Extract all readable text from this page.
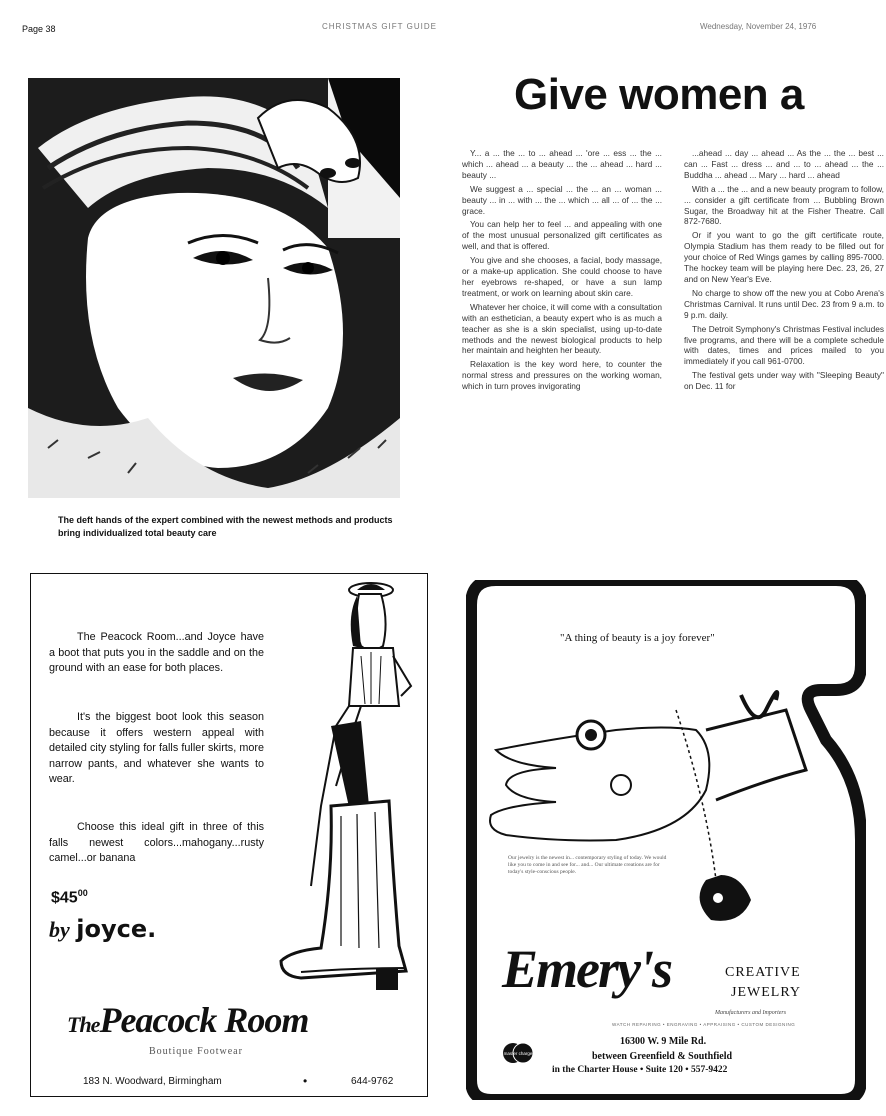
Page 38	CHRISTMAS GIFT GUIDE	Wednesday, November 24, 1976
The deft hands of the expert combined with the newest methods and products bring individualized total beauty care
Give women a

Y... a ... the ... to ... ahead ... 'ore ... ess ... the ... which ... ahead ... a beauty ... the ... ahead ... hard ... beauty ...

We suggest a ... special ... the ... an ... woman ... beauty ... in ... with ... the ... which ... all ... of ... the ... grace.

You can help her to feel ... and appealing with one of the most unusual personalized gift certificates as well, and that is offered.

You give and she chooses, a facial, body massage, or a make-up application. She could choose to have her eyebrows re-shaped, or have a sun lamp treatment, or work on learning about skin care.

Whatever her choice, it will come with a consultation with an esthetician, a beauty expert who is as much a teacher as she is a skin specialist, using up-to-date methods and the newest biological products to help her maintain and heighten her beauty.

Relaxation is the key word here, to counter the normal stress and pressures on the working woman, which in turn proves invigorating

...ahead ... day ... ahead ... As the ... the ... best ... can ... Fast ... dress ... and ... to ... ahead ... the ... Buddha ... ahead ... Mary ... hard ... ahead

With a ... the ... and a new beauty program to follow, ... consider a gift certificate from ... Bubbling Brown Sugar, the Broadway hit at the Fisher Theatre. Call 872-7680.

Or if you want to go the gift certificate route, Olympia Stadium has them ready to be filled out for your choice of Red Wings games by calling 895-7000. The hockey team will be playing here Dec. 23, 26, 27 and on New Year's Eve.

No charge to show off the new you at Cobo Arena's Christmas Carnival. It runs until Dec. 23 from 9 a.m. to 9 p.m. daily.

The Detroit Symphony's Christmas Festival includes five programs, and there will be a complete schedule with dates, times and prices mailed to you immediately if you call 961-0700.

The festival gets under way with "Sleeping Beauty" on Dec. 11 for

The Peacock Room...and Joyce have a boot that puts you in the saddle and on the ground with an ease for both places.
It's the biggest boot look this season because it offers western appeal with detailed city styling for falls fuller skirts, more narrow pants, and whatever she wants to wear.
Choose this ideal gift in three of this falls newest colors...mahogany...rusty camel...or banana
$\$45^{00}$
by joyce.
ThePeacock Room
Boutique Footwear
183 N. Woodward, Birmingham	•	644-9762
"A thing of beauty is a joy forever"
Our jewelry is the newest in... contemporary styling of today. We would like you to come in and see for... and... Our ultimate creations are for today's style-conscious people.
Emery's	CREATIVE
JEWELRY
Manufacturers and Importers
WATCH REPAIRING • ENGRAVING • APPRAISING • CUSTOM DESIGNING
16300 W. 9 Mile Rd.
between Greenfield & Southfield
in the Charter House • Suite 120 • 557-9422
master charge
